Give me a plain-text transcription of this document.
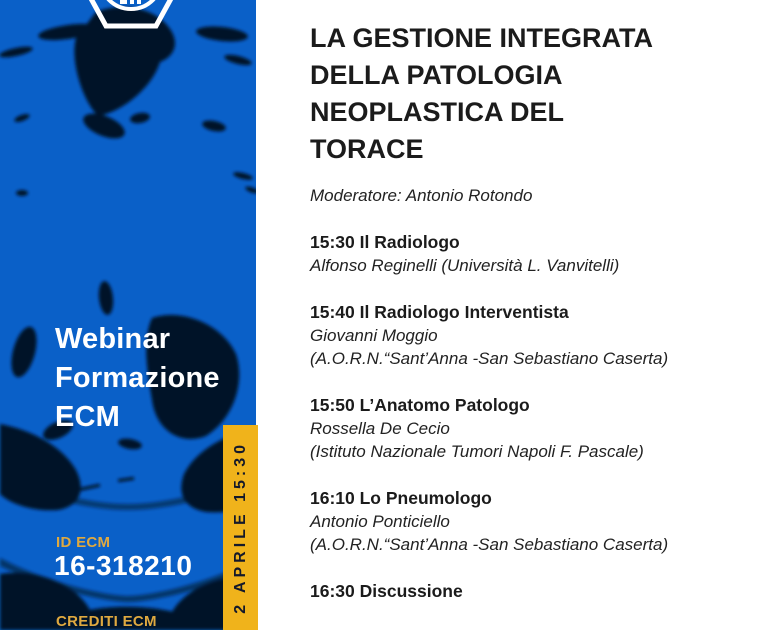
Webinar
Formazione
ECM
ID ECM
16-318210
CREDITI ECM
2 APRILE 15:30
LA GESTIONE INTEGRATA
DELLA PATOLOGIA
NEOPLASTICA DEL
TORACE

Moderatore: Antonio Rotondo

15:30 Il Radiologo
Alfonso Reginelli (Università L. Vanvitelli)
15:40 Il Radiologo Interventista
Giovanni Moggio
(A.O.R.N.“Sant’Anna -San Sebastiano Caserta)
15:50 L’Anatomo Patologo
Rossella De Cecio
(Istituto Nazionale Tumori Napoli F. Pascale)
16:10 Lo Pneumologo
Antonio Ponticiello
(A.O.R.N.“Sant’Anna -San Sebastiano Caserta)
16:30 Discussione
